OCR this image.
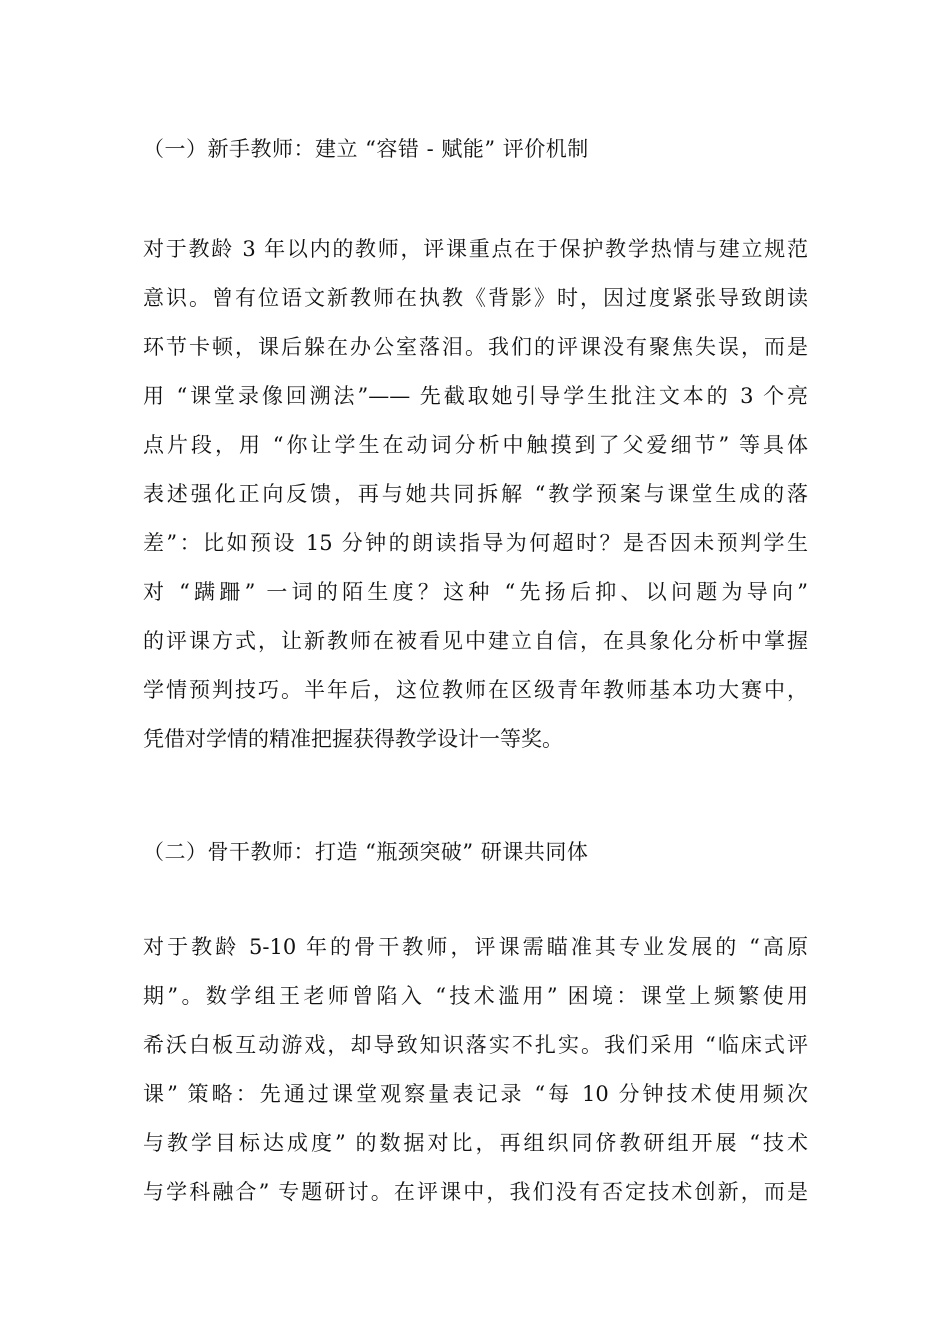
（一）新手教师：建立 “容错 - 赋能” 评价机制
对于教龄 3 年以内的教师，评课重点在于保护教学热情与建立规范
意识。曾有位语文新教师在执教《背影》时，因过度紧张导致朗读
环节卡顿，课后躲在办公室落泪。我们的评课没有聚焦失误，而是
用 “课堂录像回溯法”—— 先截取她引导学生批注文本的 3 个亮
点片段，用 “你让学生在动词分析中触摸到了父爱细节” 等具体
表述强化正向反馈，再与她共同拆解 “教学预案与课堂生成的落
差”：比如预设 15 分钟的朗读指导为何超时？是否因未预判学生
对 “蹒跚” 一词的陌生度？这种 “先扬后抑、以问题为导向”
的评课方式，让新教师在被看见中建立自信，在具象化分析中掌握
学情预判技巧。半年后，这位教师在区级青年教师基本功大赛中，
凭借对学情的精准把握获得教学设计一等奖。
（二）骨干教师：打造 “瓶颈突破” 研课共同体
对于教龄 5-10 年的骨干教师，评课需瞄准其专业发展的 “高原
期”。数学组王老师曾陷入 “技术滥用” 困境：课堂上频繁使用
希沃白板互动游戏，却导致知识落实不扎实。我们采用 “临床式评
课” 策略：先通过课堂观察量表记录 “每 10 分钟技术使用频次
与教学目标达成度” 的数据对比，再组织同侪教研组开展 “技术
与学科融合” 专题研讨。在评课中，我们没有否定技术创新，而是
